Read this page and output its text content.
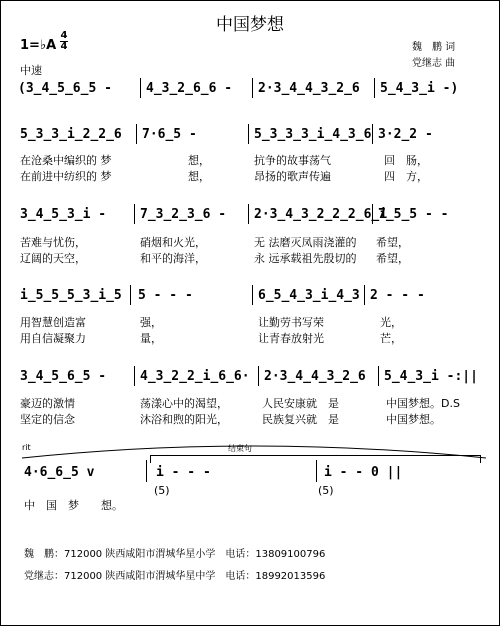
中国梦想
1=♭A
4
4
中速
魏　鹏 词
党继志 曲
(3̲4̲5̲6̲5 -	4̲3̲2̲6̲6 - 2·3̲4̲4̲3̲2̲6 5̲4̲3̲i -)
5̲3̲3̲i̲2̲2̲6 7·6̲5 -	5̲3̲3̲3̲i̲4̲3̲6 3·2̲2 -
在沧桑中编织的 梦	想，	抗争的故事荡气	回　肠，
在前进中纺织的 梦	想，	昂扬的歌声传遍	四　方，
3̲4̲5̲3̲i -	7̲3̲2̲3̲6 - 2·3̲4̲3̲2̲2̲2̲6̲i
7̲5̲5 - -
苦难与忧伤，	硝烟和火光，	无 法磨灭凤雨浇灌的 希望，
辽阔的天空，	和平的海洋，	永 远承载祖先殷切的 希望，
i̲5̲5̲5̲3̲i̲5 5 - - -	6̲5̲4̲3̲i̲4̲3 2 - - -
用智慧创造富	强，	让勤劳书写荣	光，
用自信凝聚力	量，	让青春放射光	芒，
3̲4̲5̲6̲5 -	4̲3̲2̲2̲i̲6̲6· 2·3̲4̲4̲3̲2̲6 5̲4̲3̲i -:||
豪迈的激情	荡漾心中的渴望，	人民安康就　是	中国梦想。D.S
坚定的信念	沐浴和煦的阳光，	民族复兴就　是	中国梦想。
rit	结束句
4·6̲6̲5 v	i - - -	i - - 0 ||
(5)	(5)
中　国　梦　　想。
魏　鹏：712000 陕西咸阳市渭城华星小学　电话：13809100796
党继志：712000 陕西咸阳市渭城华星中学　电话：18992013596
